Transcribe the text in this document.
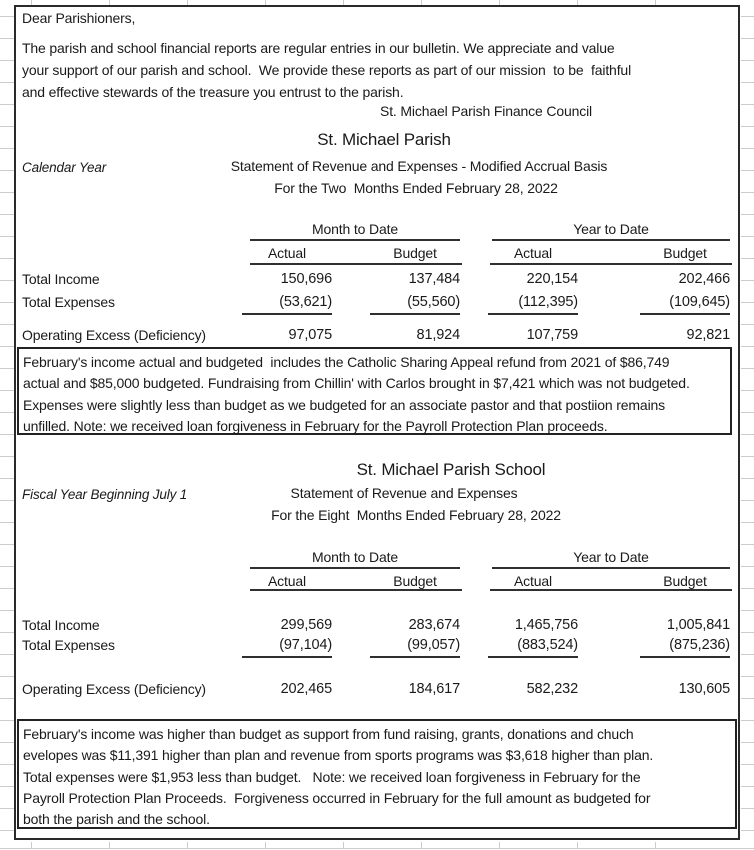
Dear Parishioners,
The parish and school financial reports are regular entries in our bulletin. We appreciate and value
your support of our parish and school.  We provide these reports as part of our mission  to be  faithful
and effective stewards of the treasure you entrust to the parish.
St. Michael Parish Finance Council
St. Michael Parish
Calendar Year	Statement of Revenue and Expenses - Modified Accrual Basis
For the Two  Months Ended February 28, 2022
Month to Date	Year to Date
Actual	Budget	Actual	Budget
Total Income	150,696	137,484	220,154	202,466
Total Expenses	(53,621)	(55,560)	(112,395)	(109,645)
Operating Excess (Deficiency)	97,075	81,924	107,759	92,821
February's income actual and budgeted  includes the Catholic Sharing Appeal refund from 2021 of $86,749
actual and $85,000 budgeted. Fundraising from Chillin' with Carlos brought in $7,421 which was not budgeted.
Expenses were slightly less than budget as we budgeted for an associate pastor and that postiion remains
unfilled. Note: we received loan forgiveness in February for the Payroll Protection Plan proceeds.
St. Michael Parish School
Fiscal Year Beginning July 1	Statement of Revenue and Expenses
For the Eight  Months Ended February 28, 2022
Month to Date	Year to Date
Actual	Budget	Actual	Budget
Total Income	299,569	283,674	1,465,756	1,005,841
Total Expenses	(97,104)	(99,057)	(883,524)	(875,236)
Operating Excess (Deficiency)	202,465	184,617	582,232	130,605
February's income was higher than budget as support from fund raising, grants, donations and chuch
evelopes was $11,391 higher than plan and revenue from sports programs was $3,618 higher than plan.
Total expenses were $1,953 less than budget.   Note: we received loan forgiveness in February for the
Payroll Protection Plan Proceeds.  Forgiveness occurred in February for the full amount as budgeted for
both the parish and the school.
